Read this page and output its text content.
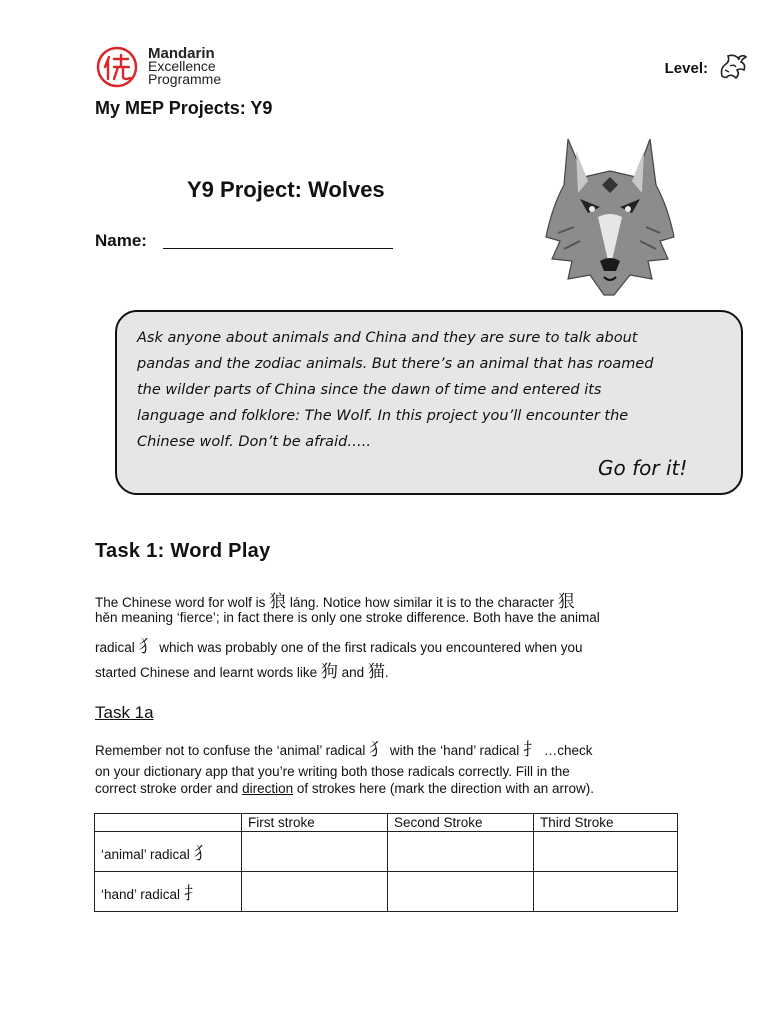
Mandarin
Excellence
Programme
Level:
My MEP Projects: Y9
Y9 Project: Wolves
Name:
Ask anyone about animals and China and they are sure to talk about
pandas and the zodiac animals. But there’s an animal that has roamed
the wilder parts of China since the dawn of time and entered its
language and folklore: The Wolf. In this project you’ll encounter the
Chinese wolf. Don’t be afraid…..
Go for it!
Task 1: Word Play
The Chinese word for wolf is 狼 láng. Notice how similar it is to the character 狠
hěn meaning ‘fierce’; in fact there is only one stroke difference. Both have the animal
radical 犭 which was probably one of the first radicals you encountered when you
started Chinese and learnt words like 狗 and 猫.
Task 1a
Remember not to confuse the ‘animal’ radical 犭 with the ‘hand’ radical 扌 …check
on your dictionary app that you’re writing both those radicals correctly. Fill in the
correct stroke order and direction of strokes here (mark the direction with an arrow).
	First stroke	Second Stroke	Third Stroke
‘animal’ radical 犭			
‘hand’ radical 扌			
